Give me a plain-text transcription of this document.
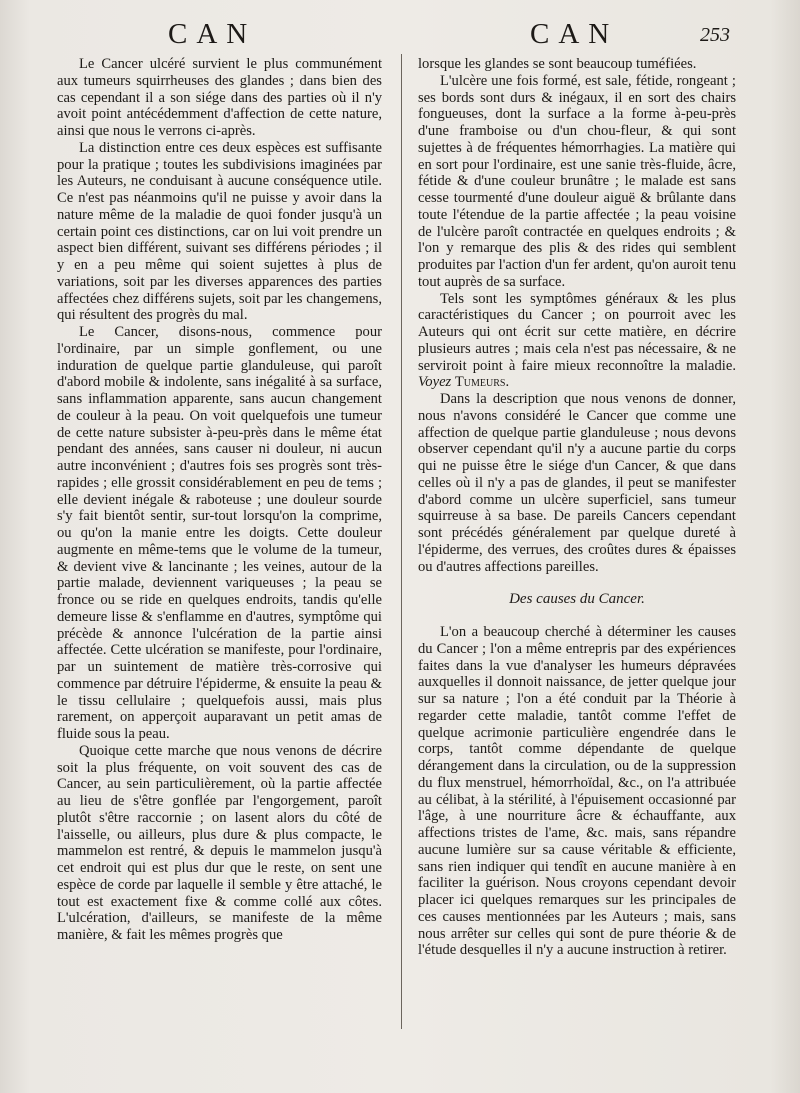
CAN	CAN	253

Le Cancer ulcéré survient le plus communément aux tumeurs squirrheuses des glandes ; dans bien des cas cependant il a son siége dans des parties où il n'y avoit point antécédemment d'affection de cette nature, ainsi que nous le verrons ci-après.

La distinction entre ces deux espèces est suffisante pour la pratique ; toutes les subdivisions imaginées par les Auteurs, ne conduisant à aucune conséquence utile. Ce n'est pas néanmoins qu'il ne puisse y avoir dans la nature même de la maladie de quoi fonder jusqu'à un certain point ces distinctions, car on lui voit prendre un aspect bien différent, suivant ses différens périodes ; il y en a peu même qui soient sujettes à plus de variations, soit par les diverses apparences des parties affectées chez différens sujets, soit par les changemens, qui résultent des progrès du mal.

Le Cancer, disons-nous, commence pour l'ordinaire, par un simple gonflement, ou une induration de quelque partie glanduleuse, qui paroît d'abord mobile & indolente, sans inégalité à sa surface, sans inflammation apparente, sans aucun changement de couleur à la peau. On voit quelquefois une tumeur de cette nature subsister à-peu-près dans le même état pendant des années, sans causer ni douleur, ni aucun autre inconvénient ; d'autres fois ses progrès sont très-rapides ; elle grossit considérablement en peu de tems ; elle devient inégale & raboteuse ; une douleur sourde s'y fait bientôt sentir, sur-tout lorsqu'on la comprime, ou qu'on la manie entre les doigts. Cette douleur augmente en même-tems que le volume de la tumeur, & devient vive & lancinante ; les veines, autour de la partie malade, deviennent variqueuses ; la peau se fronce ou se ride en quelques endroits, tandis qu'elle demeure lisse & s'enflamme en d'autres, symptôme qui précède & annonce l'ulcération de la partie ainsi affectée. Cette ulcération se manifeste, pour l'ordinaire, par un suintement de matière très-corrosive qui commence par détruire l'épiderme, & ensuite la peau & le tissu cellulaire ; quelquefois aussi, mais plus rarement, on apperçoit auparavant un petit amas de fluide sous la peau.

Quoique cette marche que nous venons de décrire soit la plus fréquente, on voit souvent des cas de Cancer, au sein particulièrement, où la partie affectée au lieu de s'être gonflée par l'engorgement, paroît plutôt s'être raccornie ; on lasent alors du côté de l'aisselle, ou ailleurs, plus dure & plus compacte, le mammelon est rentré, & depuis le mammelon jusqu'à cet endroit qui est plus dur que le reste, on sent une espèce de corde par laquelle il semble y être attaché, le tout est exactement fixe & comme collé aux côtes. L'ulcération, d'ailleurs, se manifeste de la même manière, & fait les mêmes progrès que

lorsque les glandes se sont beaucoup tuméfiées.

L'ulcère une fois formé, est sale, fétide, rongeant ; ses bords sont durs & inégaux, il en sort des chairs fongueuses, dont la surface a la forme à-peu-près d'une framboise ou d'un chou-fleur, & qui sont sujettes à de fréquentes hémorrhagies. La matière qui en sort pour l'ordinaire, est une sanie très-fluide, âcre, fétide & d'une couleur brunâtre ; le malade est sans cesse tourmenté d'une douleur aiguë & brûlante dans toute l'étendue de la partie affectée ; la peau voisine de l'ulcère paroît contractée en quelques endroits ; & l'on y remarque des plis & des rides qui semblent produites par l'action d'un fer ardent, qu'on auroit tenu tout auprès de sa surface.

Tels sont les symptômes généraux & les plus caractéristiques du Cancer ; on pourroit avec les Auteurs qui ont écrit sur cette matière, en décrire plusieurs autres ; mais cela n'est pas nécessaire, & ne serviroit point à faire mieux reconnoître la maladie. Voyez Tumeurs.

Dans la description que nous venons de donner, nous n'avons considéré le Cancer que comme une affection de quelque partie glanduleuse ; nous devons observer cependant qu'il n'y a aucune partie du corps qui ne puisse être le siége d'un Cancer, & que dans celles où il n'y a pas de glandes, il peut se manifester d'abord comme un ulcère superficiel, sans tumeur squirreuse à sa base. De pareils Cancers cependant sont précédés généralement par quelque dureté à l'épiderme, des verrues, des croûtes dures & épaisses ou d'autres affections pareilles.

Des causes du Cancer.

L'on a beaucoup cherché à déterminer les causes du Cancer ; l'on a même entrepris par des expériences faites dans la vue d'analyser les humeurs dépravées auxquelles il donnoit naissance, de jetter quelque jour sur sa nature ; l'on a été conduit par la Théorie à regarder cette maladie, tantôt comme l'effet de quelque acrimonie particulière engendrée dans le corps, tantôt comme dépendante de quelque dérangement dans la circulation, ou de la suppression du flux menstruel, hémorrhoïdal, &c., on l'a attribuée au célibat, à la stérilité, à l'épuisement occasionné par l'âge, à une nourriture âcre & échauffante, aux affections tristes de l'ame, &c. mais, sans répandre aucune lumière sur sa cause véritable & efficiente, sans rien indiquer qui tendît en aucune manière à en faciliter la guérison. Nous croyons cependant devoir placer ici quelques remarques sur les principales de ces causes mentionnées par les Auteurs ; mais, sans nous arrêter sur celles qui sont de pure théorie & de l'étude desquelles il n'y a aucune instruction à retirer.
